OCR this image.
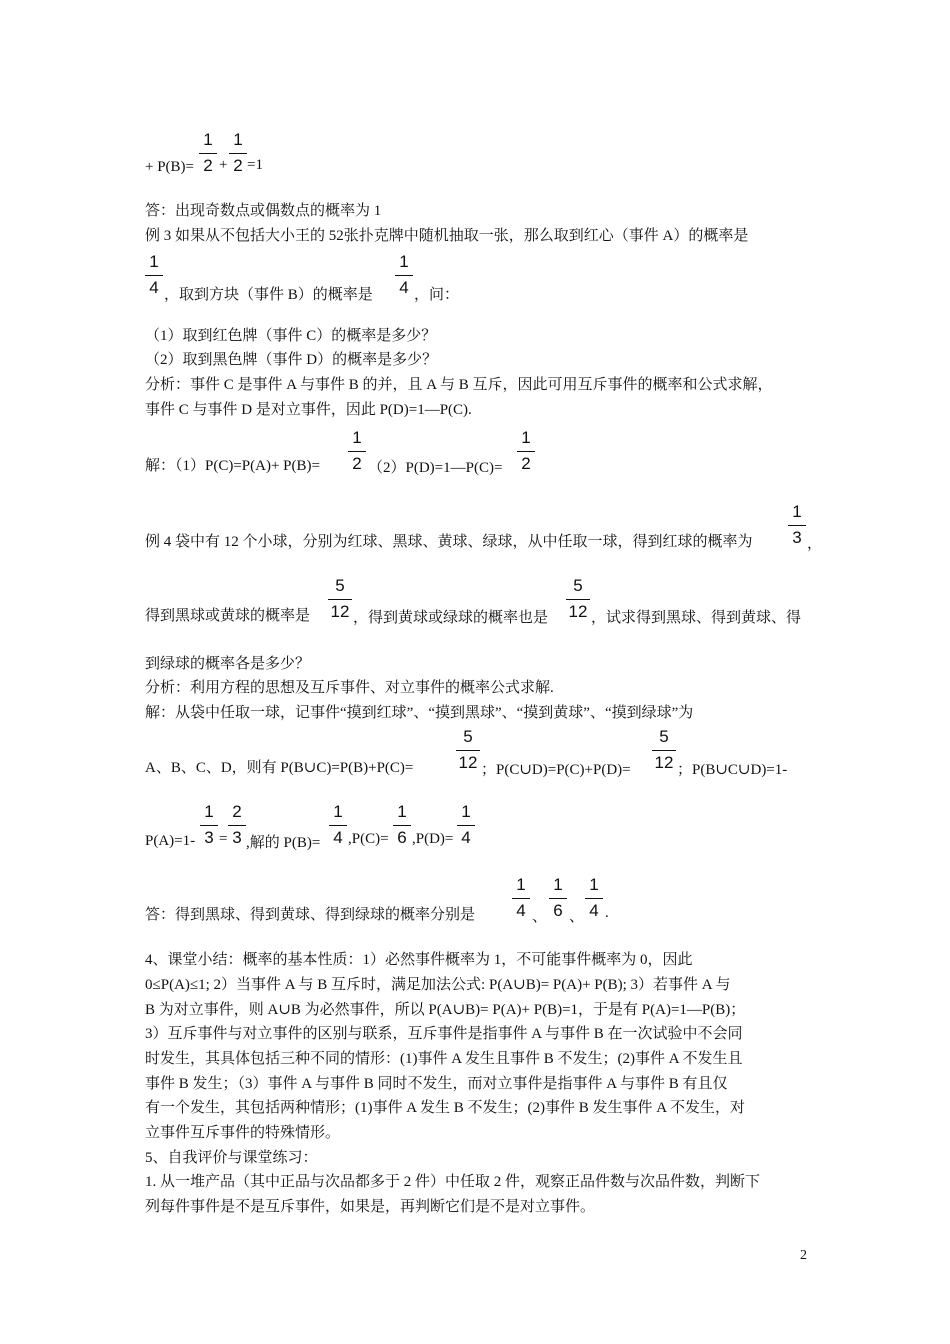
+ P(B)=
1
2 +
1
2 =1
答：出现奇数点或偶数点的概率为 1
例 3 如果从不包括大小王的 52张扑克牌中随机抽取一张，那么取到红心（事件 A）的概率是
1
4 ，取到方块（事件 B）的概率是
1
4 ，问：
（1）取到红色牌（事件 C）的概率是多少？
（2）取到黑色牌（事件 D）的概率是多少？
分析：事件 C 是事件 A 与事件 B 的并，且 A 与 B 互斥，因此可用互斥事件的概率和公式求解，
事件 C 与事件 D 是对立事件，因此 P(D)=1—P(C).
解：（1）P(C)=P(A)+ P(B)=
1
2 （2）P(D)=1—P(C)=
1
2
例 4 袋中有 12 个小球，分别为红球、黑球、黄球、绿球，从中任取一球，得到红球的概率为
1
3 ，
得到黑球或黄球的概率是
5
12 ，得到黄球或绿球的概率也是
5
12 ，试求得到黑球、得到黄球、得
到绿球的概率各是多少？
分析：利用方程的思想及互斥事件、对立事件的概率公式求解.
解：从袋中任取一球，记事件“摸到红球”、“摸到黑球”、“摸到黄球”、“摸到绿球”为
A、B、C、D，则有 P(B∪C)=P(B)+P(C)=
5
12 ；P(C∪D)=P(C)+P(D)=
5
12 ；P(B∪C∪D)=1-
P(A)=1-
1
3 =
2
3 ,解的 P(B)=
1
4 ,P(C)=
1
6 ,P(D)=
1
4
答：得到黑球、得到黄球、得到绿球的概率分别是
1
4 、
1
6 、
1
4 .
4、课堂小结：概率的基本性质：1）必然事件概率为 1，不可能事件概率为 0，因此
0≤P(A)≤1; 2）当事件 A 与 B 互斥时，满足加法公式: P(A∪B)= P(A)+ P(B); 3）若事件 A 与
B 为对立事件，则 A∪B 为必然事件，所以 P(A∪B)= P(A)+ P(B)=1，于是有 P(A)=1—P(B)；
3）互斥事件与对立事件的区别与联系，互斥事件是指事件 A 与事件 B 在一次试验中不会同
时发生，其具体包括三种不同的情形：(1)事件 A 发生且事件 B 不发生；(2)事件 A 不发生且
事件 B 发生；（3）事件 A 与事件 B 同时不发生，而对立事件是指事件 A 与事件 B 有且仅
有一个发生，其包括两种情形；(1)事件 A 发生 B 不发生；(2)事件 B 发生事件 A 不发生，对
立事件互斥事件的特殊情形。
5、自我评价与课堂练习：
1. 从一堆产品（其中正品与次品都多于 2 件）中任取 2 件，观察正品件数与次品件数，判断下
列每件事件是不是互斥事件，如果是，再判断它们是不是对立事件。
2
